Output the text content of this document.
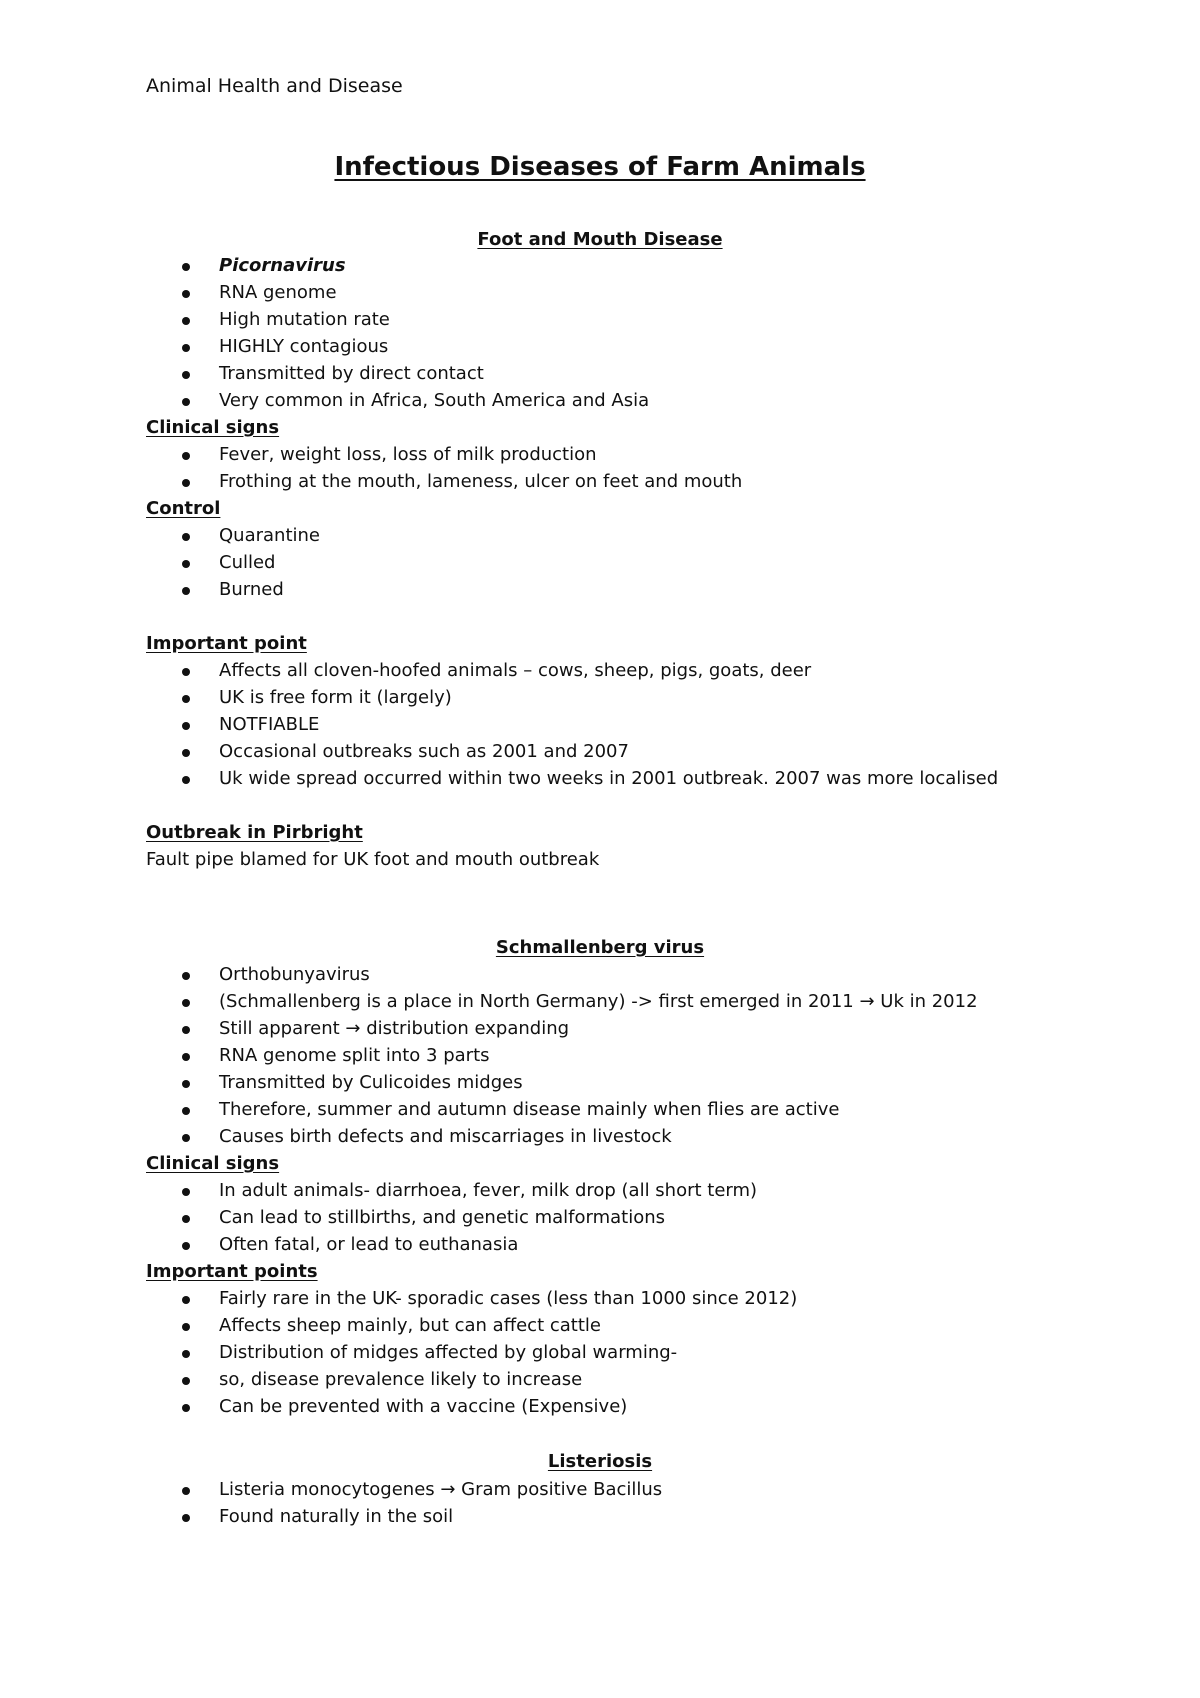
Animal Health and Disease
Infectious Diseases of Farm Animals
Foot and Mouth Disease
Picornavirus
RNA genome
High mutation rate
HIGHLY contagious
Transmitted by direct contact
Very common in Africa, South America and Asia
Clinical signs
Fever, weight loss, loss of milk production
Frothing at the mouth, lameness, ulcer on feet and mouth
Control
Quarantine
Culled
Burned
Important point
Affects all cloven-hoofed animals – cows, sheep, pigs, goats, deer
UK is free form it (largely)
NOTFIABLE
Occasional outbreaks such as 2001 and 2007
Uk wide spread occurred within two weeks in 2001 outbreak. 2007 was more localised
Outbreak in Pirbright
Fault pipe blamed for UK foot and mouth outbreak
Schmallenberg virus
Orthobunyavirus
(Schmallenberg is a place in North Germany) -> first emerged in 2011 → Uk in 2012
Still apparent → distribution expanding
RNA genome split into 3 parts
Transmitted by Culicoides midges
Therefore, summer and autumn disease mainly when flies are active
Causes birth defects and miscarriages in livestock
Clinical signs
In adult animals- diarrhoea, fever, milk drop (all short term)
Can lead to stillbirths, and genetic malformations
Often fatal, or lead to euthanasia
Important points
Fairly rare in the UK- sporadic cases (less than 1000 since 2012)
Affects sheep mainly, but can affect cattle
Distribution of midges affected by global warming-
so, disease prevalence likely to increase
Can be prevented with a vaccine (Expensive)
Listeriosis
Listeria monocytogenes → Gram positive Bacillus
Found naturally in the soil
